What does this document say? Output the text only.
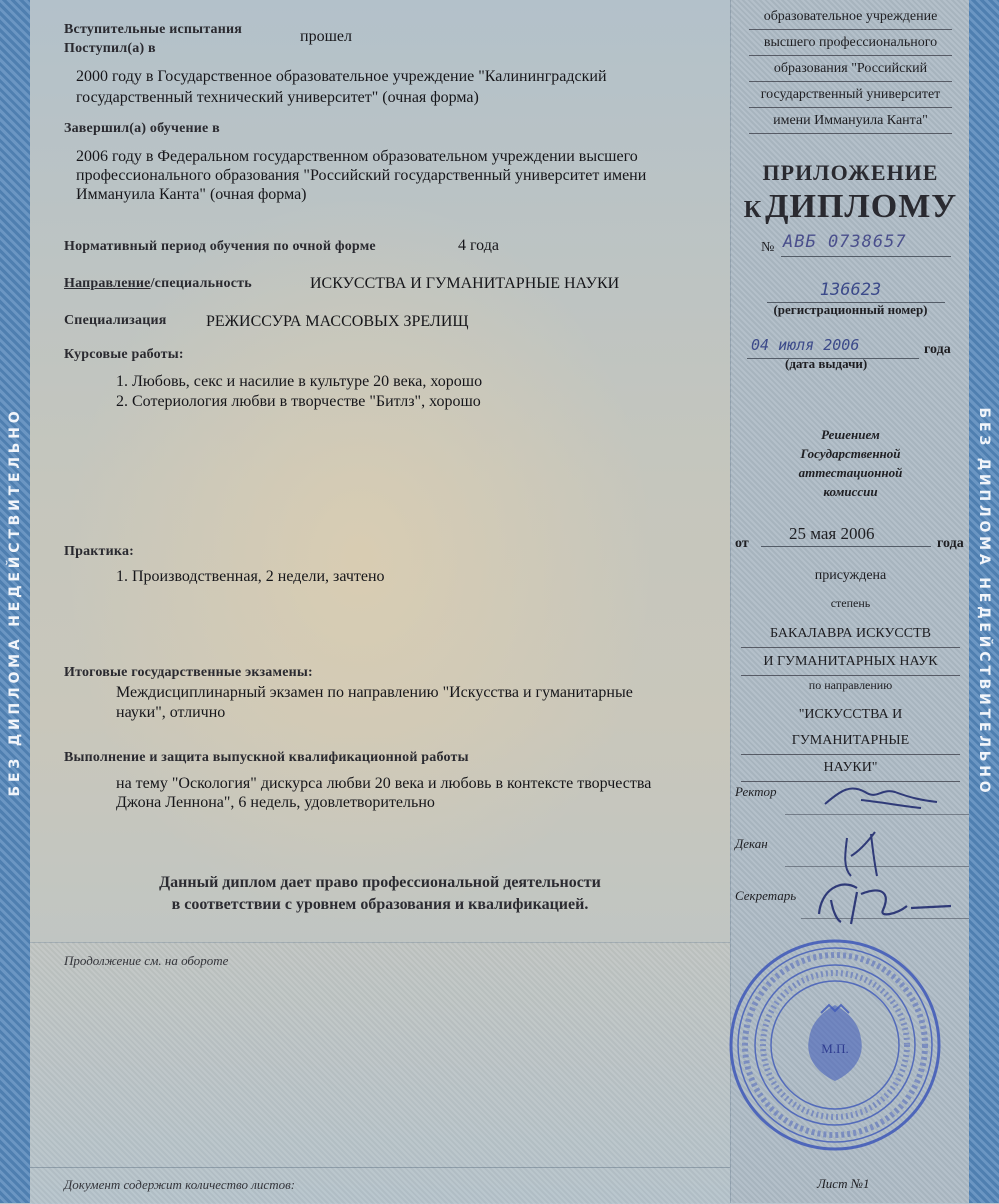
БЕЗ ДИПЛОМА НЕДЕЙСТВИТЕЛЬНО
Вступительные испытания	прошел
Поступил(а) в
2000 году в Государственное образовательное учреждение "Калининградский
государственный технический университет" (очная форма)
Завершил(а) обучение в
2006 году в Федеральном государственном образовательном учреждении высшего
профессионального образования "Российский государственный университет имени
Иммануила Канта" (очная форма)
Нормативный период обучения по очной форме	4 года
Направление/специальность	ИСКУССТВА И ГУМАНИТАРНЫЕ НАУКИ
Специализация РЕЖИССУРА МАССОВЫХ ЗРЕЛИЩ
Курсовые работы:
1. Любовь, секс и насилие в культуре 20 века, хорошо
2. Сотериология любви в творчестве "Битлз", хорошо
Практика:
1. Производственная, 2 недели, зачтено
Итоговые государственные экзамены:
Междисциплинарный экзамен по направлению "Искусства и гуманитарные
науки", отлично
Выполнение и защита выпускной квалификационной работы
на тему "Оскология" дискурса любви 20 века и любовь в контексте творчества
Джона Леннона", 6 недель, удовлетворительно
Данный диплом дает право профессиональной деятельности
в соответствии с уровнем образования и квалификацией.
Продолжение см. на обороте
Документ содержит количество листов:
образовательное учреждение
высшего профессионального
образования "Российский
государственный университет
имени Иммануила Канта"
ПРИЛОЖЕНИЕ
К ДИПЛОМУ
№ АВБ 0738657
136623
(регистрационный номер)
04 июля 2006	года
(дата выдачи)
Решением
Государственной
аттестационной
комиссии
от
25 мая 2006
года
присуждена
степень
БАКАЛАВРА ИСКУССТВ
И ГУМАНИТАРНЫХ НАУК
по направлению
"ИСКУССТВА И ГУМАНИТАРНЫЕ
НАУКИ"
Ректор
Декан
Секретарь
М.П.
Лист №1
БЕЗ ДИПЛОМА НЕДЕЙСТВИТЕЛЬНО
